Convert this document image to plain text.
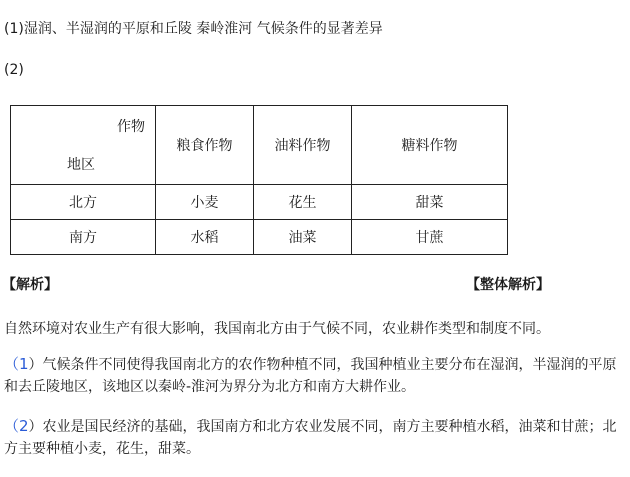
(1)湿润、半湿润的平原和丘陵 秦岭淮河 气候条件的显著差异
(2)
作物
地区	粮食作物	油料作物	糖料作物
北方	小麦	花生	甜菜
南方	水稻	油菜	甘蔗
【解析】	【整体解析】
自然环境对农业生产有很大影响，我国南北方由于气候不同，农业耕作类型和制度不同。
（1）气候条件不同使得我国南北方的农作物种植不同，我国种植业主要分布在湿润，半湿润的平原和去丘陵地区，该地区以秦岭-淮河为界分为北方和南方大耕作业。
（2）农业是国民经济的基础，我国南方和北方农业发展不同，南方主要种植水稻，油菜和甘蔗；北方主要种植小麦，花生，甜菜。
